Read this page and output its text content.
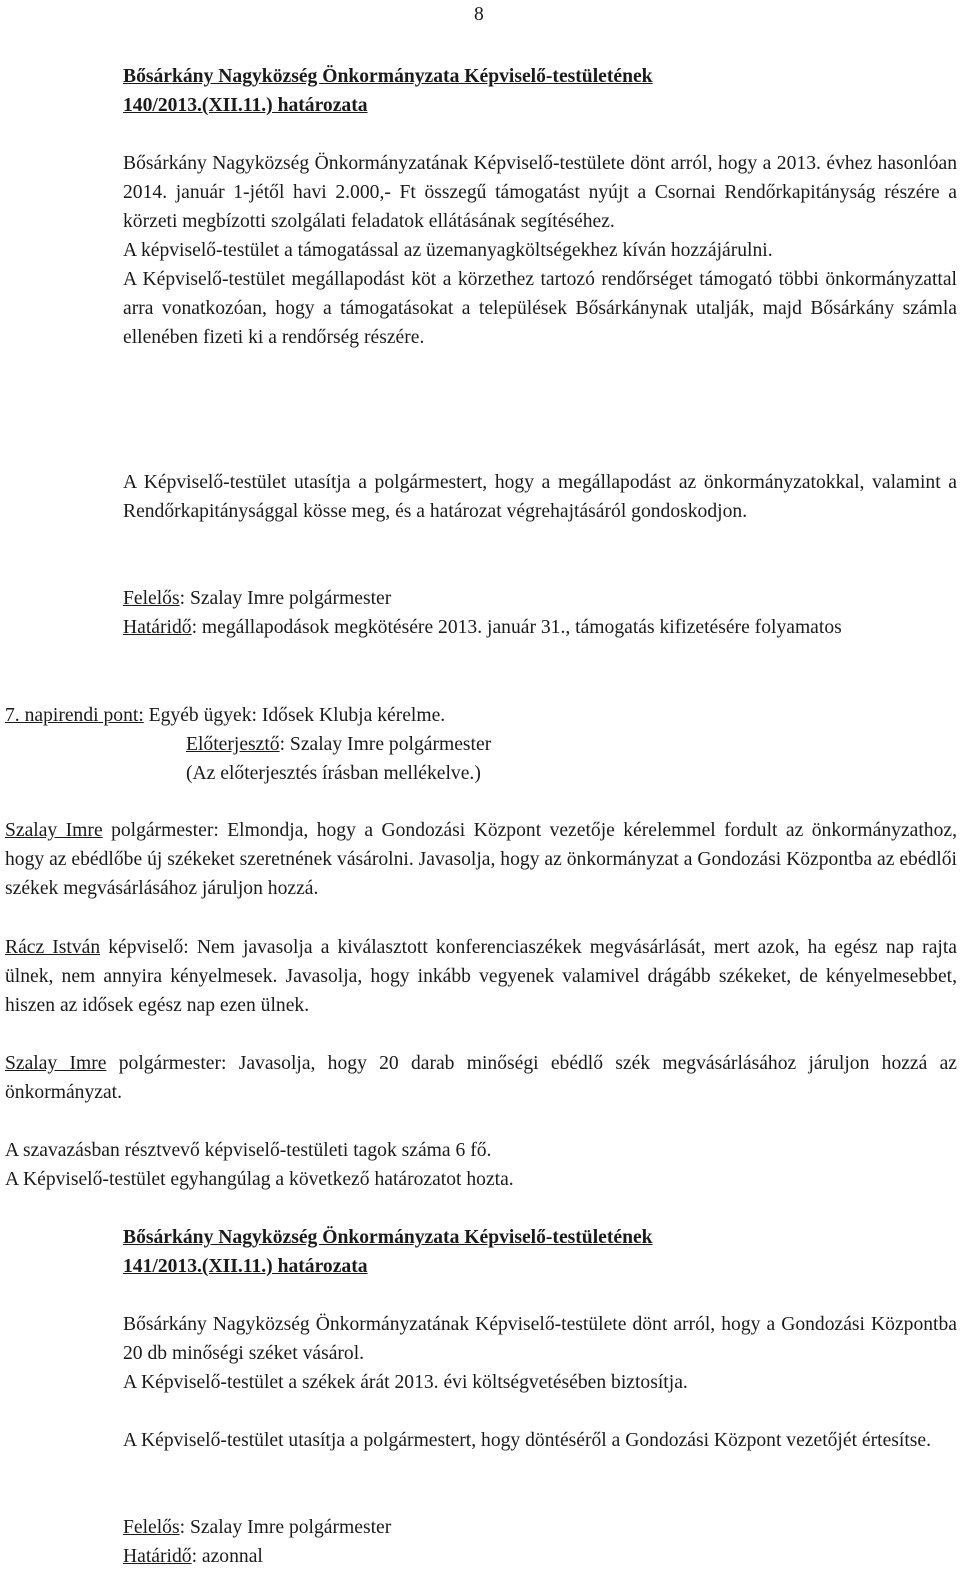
8

Bősárkány Nagyközség Önkormányzata Képviselő-testületének

140/2013.(XII.11.) határozata

Bősárkány Nagyközség Önkormányzatának Képviselő-testülete dönt arról, hogy a 2013. évhez hasonlóan 2014. január 1-jétől havi 2.000,- Ft összegű támogatást nyújt a Csornai Rendőrkapitányság részére a körzeti megbízotti szolgálati feladatok ellátásának segítéséhez.

A képviselő-testület a támogatással az üzemanyagköltségekhez kíván hozzájárulni.

A Képviselő-testület megállapodást köt a körzethez tartozó rendőrséget támogató többi önkormányzattal arra vonatkozóan, hogy a támogatásokat a települések Bősárkánynak utalják, majd Bősárkány számla ellenében fizeti ki a rendőrség részére.

A Képviselő-testület utasítja a polgármestert, hogy a megállapodást az önkormányzatokkal, valamint a Rendőrkapitánysággal kösse meg, és a határozat végrehajtásáról gondoskodjon.

Felelős: Szalay Imre polgármester

Határidő: megállapodások megkötésére 2013. január 31., támogatás kifizetésére folyamatos

7. napirendi pont: Egyéb ügyek: Idősek Klubja kérelme.

Előterjesztő: Szalay Imre polgármester

(Az előterjesztés írásban mellékelve.)

Szalay Imre polgármester: Elmondja, hogy a Gondozási Központ vezetője kérelemmel fordult az önkormányzathoz, hogy az ebédlőbe új székeket szeretnének vásárolni. Javasolja, hogy az önkormányzat a Gondozási Központba az ebédlői székek megvásárlásához járuljon hozzá.

Rácz István képviselő: Nem javasolja a kiválasztott konferenciaszékek megvásárlását, mert azok, ha egész nap rajta ülnek, nem annyira kényelmesek. Javasolja, hogy inkább vegyenek valamivel drágább székeket, de kényelmesebbet, hiszen az idősek egész nap ezen ülnek.

Szalay Imre polgármester: Javasolja, hogy 20 darab minőségi ebédlő szék megvásárlásához járuljon hozzá az önkormányzat.

A szavazásban résztvevő képviselő-testületi tagok száma 6 fő.

A Képviselő-testület egyhangúlag a következő határozatot hozta.

Bősárkány Nagyközség Önkormányzata Képviselő-testületének

141/2013.(XII.11.) határozata

Bősárkány Nagyközség Önkormányzatának Képviselő-testülete dönt arról, hogy a Gondozási Központba 20 db minőségi széket vásárol.

A Képviselő-testület a székek árát 2013. évi költségvetésében biztosítja.

A Képviselő-testület utasítja a polgármestert, hogy döntéséről a Gondozási Központ vezetőjét értesítse.

Felelős: Szalay Imre polgármester

Határidő: azonnal
